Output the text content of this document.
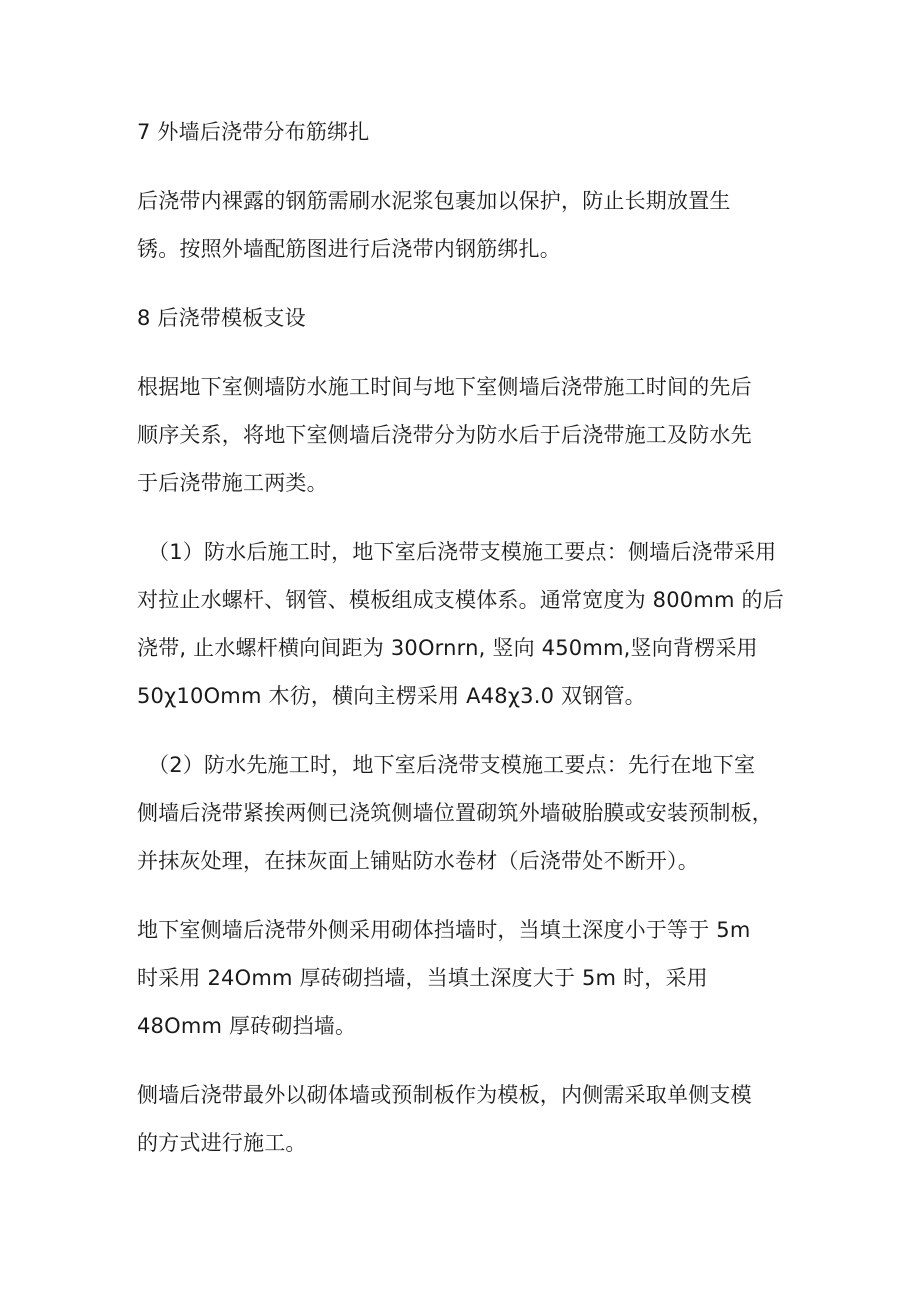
7 外墙后浇带分布筋绑扎
后浇带内裸露的钢筋需刷水泥浆包裹加以保护，防止长期放置生
锈。按照外墙配筋图进行后浇带内钢筋绑扎。
8 后浇带模板支设
根据地下室侧墙防水施工时间与地下室侧墙后浇带施工时间的先后
顺序关系，将地下室侧墙后浇带分为防水后于后浇带施工及防水先
于后浇带施工两类。
（1）防水后施工时，地下室后浇带支模施工要点：侧墙后浇带采用
对拉止水螺杆、钢管、模板组成支模体系。通常宽度为 800mm 的后
浇带, 止水螺杆横向间距为 30Ornrn, 竖向 450mm,竖向背楞采用
50χ10Omm 木彷，横向主楞采用 A48χ3.0 双钢管。
（2）防水先施工时，地下室后浇带支模施工要点：先行在地下室
侧墙后浇带紧挨两侧已浇筑侧墙位置砌筑外墙破胎膜或安装预制板，
并抹灰处理，在抹灰面上铺贴防水卷材（后浇带处不断开）。
地下室侧墙后浇带外侧采用砌体挡墙时，当填土深度小于等于 5m
时采用 24Omm 厚砖砌挡墙，当填土深度大于 5m 时，采用
48Omm 厚砖砌挡墙。
侧墙后浇带最外以砌体墙或预制板作为模板，内侧需采取单侧支模
的方式进行施工。
